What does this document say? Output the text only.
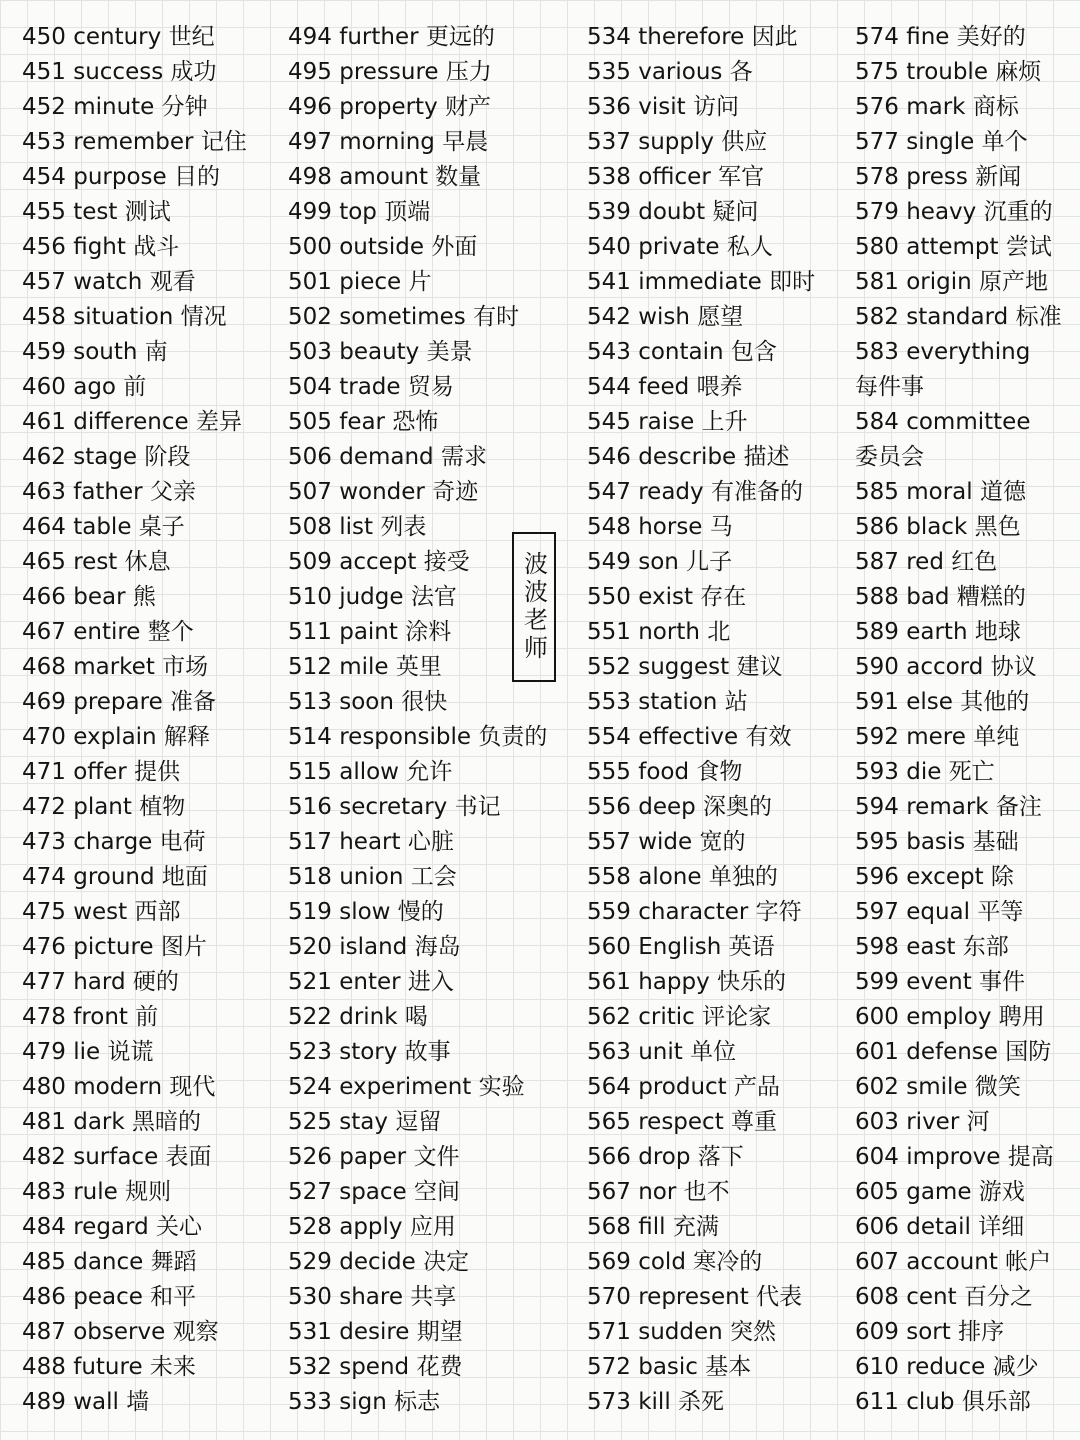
450 century 世纪
451 success 成功
452 minute 分钟
453 remember 记住
454 purpose 目的
455 test 测试
456 fight 战斗
457 watch 观看
458 situation 情况
459 south 南
460 ago 前
461 difference 差异
462 stage 阶段
463 father 父亲
464 table 桌子
465 rest 休息
466 bear 熊
467 entire 整个
468 market 市场
469 prepare 准备
470 explain 解释
471 offer 提供
472 plant 植物
473 charge 电荷
474 ground 地面
475 west 西部
476 picture 图片
477 hard 硬的
478 front 前
479 lie 说谎
480 modern 现代
481 dark 黑暗的
482 surface 表面
483 rule 规则
484 regard 关心
485 dance 舞蹈
486 peace 和平
487 observe 观察
488 future 未来
489 wall 墙
494 further 更远的
495 pressure 压力
496 property 财产
497 morning 早晨
498 amount 数量
499 top 顶端
500 outside 外面
501 piece 片
502 sometimes 有时
503 beauty 美景
504 trade 贸易
505 fear 恐怖
506 demand 需求
507 wonder 奇迹
508 list 列表
509 accept 接受
510 judge 法官
511 paint 涂料
512 mile 英里
513 soon 很快
514 responsible 负责的
515 allow 允许
516 secretary 书记
517 heart 心脏
518 union 工会
519 slow 慢的
520 island 海岛
521 enter 进入
522 drink 喝
523 story 故事
524 experiment 实验
525 stay 逗留
526 paper 文件
527 space 空间
528 apply 应用
529 decide 决定
530 share 共享
531 desire 期望
532 spend 花费
533 sign 标志
534 therefore 因此
535 various 各
536 visit 访问
537 supply 供应
538 officer 军官
539 doubt 疑问
540 private 私人
541 immediate 即时
542 wish 愿望
543 contain 包含
544 feed 喂养
545 raise 上升
546 describe 描述
547 ready 有准备的
548 horse 马
549 son 儿子
550 exist 存在
551 north 北
552 suggest 建议
553 station 站
554 effective 有效
555 food 食物
556 deep 深奥的
557 wide 宽的
558 alone 单独的
559 character 字符
560 English 英语
561 happy 快乐的
562 critic 评论家
563 unit 单位
564 product 产品
565 respect 尊重
566 drop 落下
567 nor 也不
568 fill 充满
569 cold 寒冷的
570 represent 代表
571 sudden 突然
572 basic 基本
573 kill 杀死
574 fine 美好的
575 trouble 麻烦
576 mark 商标
577 single 单个
578 press 新闻
579 heavy 沉重的
580 attempt 尝试
581 origin 原产地
582 standard 标准
583 everything
每件事
584 committee
委员会
585 moral 道德
586 black 黑色
587 red 红色
588 bad 糟糕的
589 earth 地球
590 accord 协议
591 else 其他的
592 mere 单纯
593 die 死亡
594 remark 备注
595 basis 基础
596 except 除
597 equal 平等
598 east 东部
599 event 事件
600 employ 聘用
601 defense 国防
602 smile 微笑
603 river 河
604 improve 提高
605 game 游戏
606 detail 详细
607 account 帐户
608 cent 百分之
609 sort 排序
610 reduce 减少
611 club 俱乐部
波波老师
